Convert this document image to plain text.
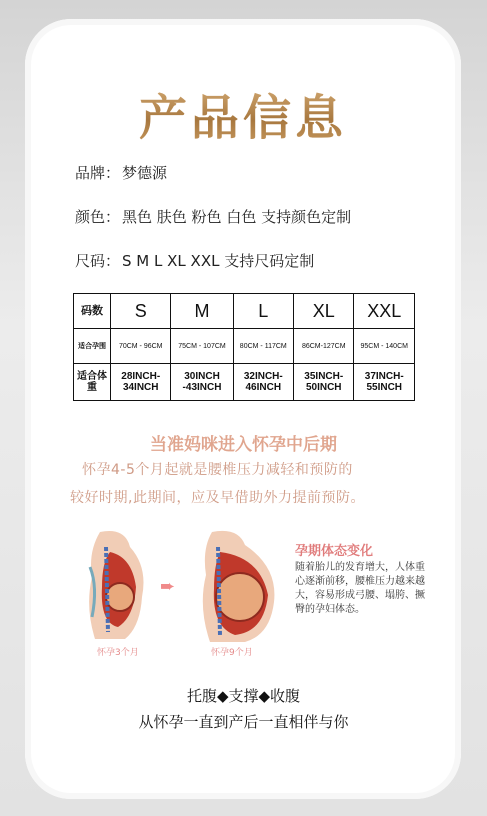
产品信息
品牌： 梦德源
颜色： 黑色 肤色 粉色 白色 支持颜色定制
尺码： S M L XL XXL 支持尺码定制
码数	S	M	L	XL	XXL
适合孕围	70CM - 96CM	75CM - 107CM	80CM - 117CM	86CM-127CM	95CM - 140CM
适合体重	28INCH-34INCH	30INCH -43INCH	32INCH-46INCH	35INCH-50INCH	37INCH-55INCH
当准妈咪进入怀孕中后期
怀孕4-5个月起就是腰椎压力减轻和预防的
较好时期,此期间，应及早借助外力提前预防。
➨
怀孕3个月	怀孕9个月
孕期体态变化
随着胎儿的发育增大，人体重心逐渐前移，腰椎压力越来越大，容易形成弓腰、塌胯、撅臀的孕妇体态。
托腹◆支撑◆收腹
从怀孕一直到产后一直相伴与你
